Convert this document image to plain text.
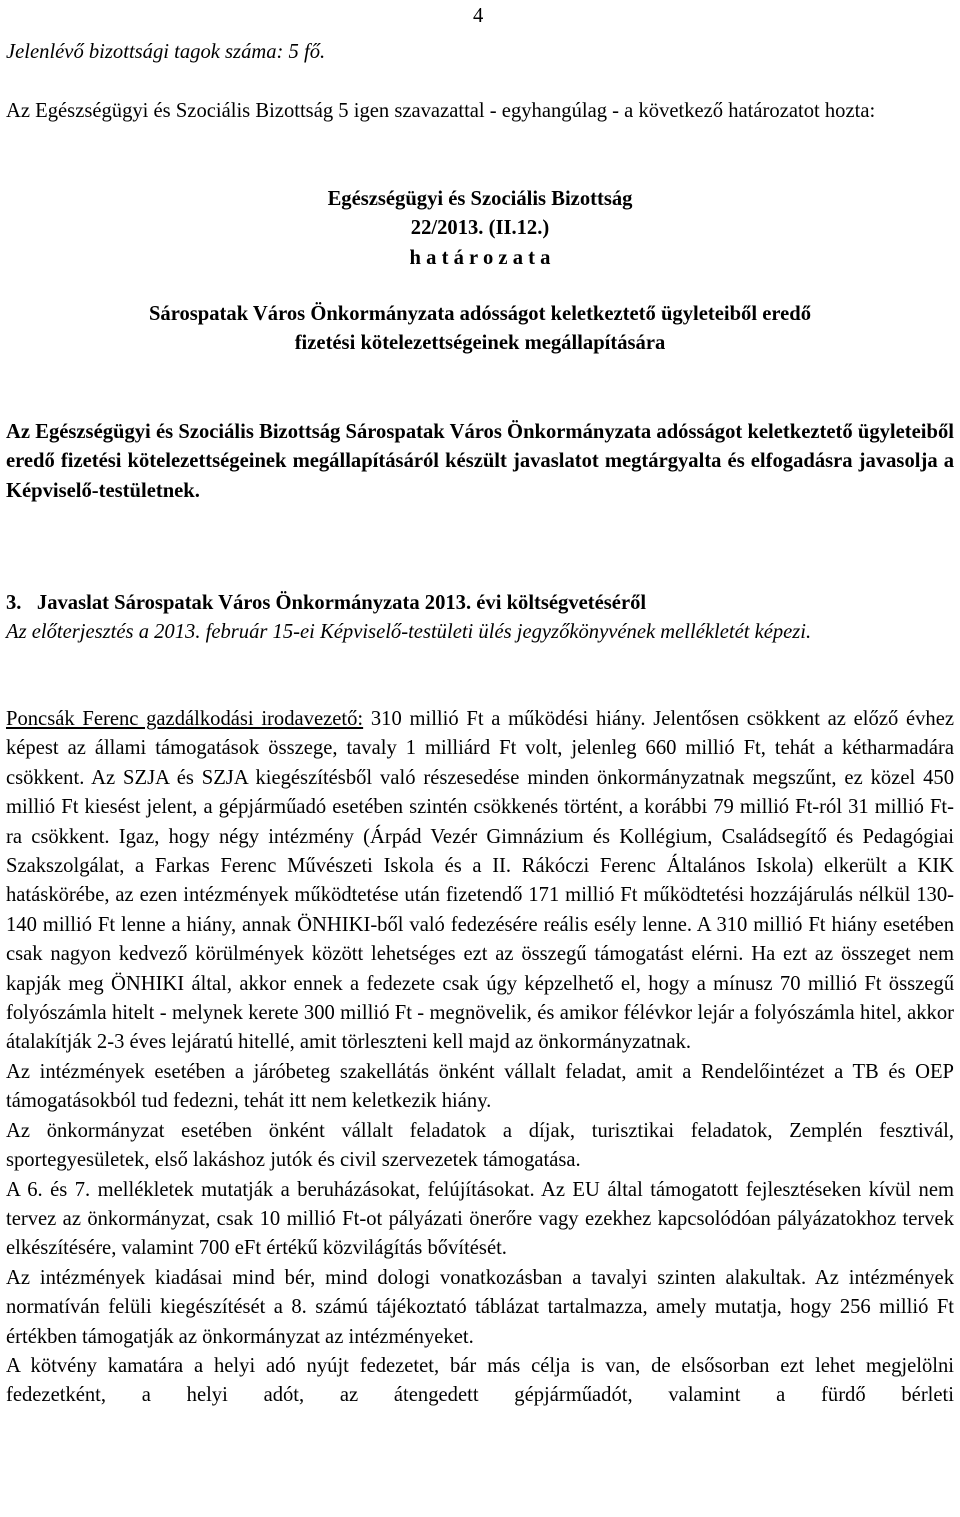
4
Jelenlévő bizottsági tagok száma: 5 fő.
Az Egészségügyi és Szociális Bizottság 5 igen szavazattal - egyhangúlag - a következő határozatot hozta:
Egészségügyi és Szociális Bizottság
22/2013. (II.12.)
h a t á r o z a t a
Sárospatak Város Önkormányzata adósságot keletkeztető ügyleteiből eredő
fizetési kötelezettségeinek megállapítására
Az Egészségügyi és Szociális Bizottság Sárospatak Város Önkormányzata adósságot keletkeztető ügyleteiből eredő fizetési kötelezettségeinek megállapításáról készült javaslatot megtárgyalta és elfogadásra javasolja a Képviselő-testületnek.
3.   Javaslat Sárospatak Város Önkormányzata 2013. évi költségvetéséről
Az előterjesztés a 2013. február 15-ei Képviselő-testületi ülés jegyzőkönyvének mellékletét képezi.

Poncsák Ferenc gazdálkodási irodavezető: 310 millió Ft a működési hiány. Jelentősen csökkent az előző évhez képest az állami támogatások összege, tavaly 1 milliárd Ft volt, jelenleg 660 millió Ft, tehát a kétharmadára csökkent. Az SZJA és SZJA kiegészítésből való részesedése minden önkormányzatnak megszűnt, ez közel 450 millió Ft kiesést jelent, a gépjárműadó esetében szintén csökkenés történt, a korábbi 79 millió Ft-ról 31 millió Ft-ra csökkent. Igaz, hogy négy intézmény (Árpád Vezér Gimnázium és Kollégium, Családsegítő és Pedagógiai Szakszolgálat, a Farkas Ferenc Művészeti Iskola és a II. Rákóczi Ferenc Általános Iskola) elkerült a KIK hatáskörébe, az ezen intézmények működtetése után fizetendő 171 millió Ft működtetési hozzájárulás nélkül 130-140 millió Ft lenne a hiány, annak ÖNHIKI-ből való fedezésére reális esély lenne. A 310 millió Ft hiány esetében csak nagyon kedvező körülmények között lehetséges ezt az összegű támogatást elérni. Ha ezt az összeget nem kapják meg ÖNHIKI által, akkor ennek a fedezete csak úgy képzelhető el, hogy a mínusz 70 millió Ft összegű folyószámla hitelt - melynek kerete 300 millió Ft - megnövelik, és amikor félévkor lejár a folyószámla hitel, akkor átalakítják 2-3 éves lejáratú hitellé, amit törleszteni kell majd az önkormányzatnak.

Az intézmények esetében a járóbeteg szakellátás önként vállalt feladat, amit a Rendelőintézet a TB és OEP támogatásokból tud fedezni, tehát itt nem keletkezik hiány.

Az önkormányzat esetében önként vállalt feladatok a díjak, turisztikai feladatok, Zemplén fesztivál, sportegyesületek, első lakáshoz jutók és civil szervezetek támogatása.

A 6. és 7. mellékletek mutatják a beruházásokat, felújításokat. Az EU által támogatott fejlesztéseken kívül nem tervez az önkormányzat, csak 10 millió Ft-ot pályázati önerőre vagy ezekhez kapcsolódóan pályázatokhoz tervek elkészítésére, valamint 700 eFt értékű közvilágítás bővítését.

Az intézmények kiadásai mind bér, mind dologi vonatkozásban a tavalyi szinten alakultak. Az intézmények normatíván felüli kiegészítését a 8. számú tájékoztató táblázat tartalmazza, amely mutatja, hogy 256 millió Ft értékben támogatják az önkormányzat az intézményeket.

A kötvény kamatára a helyi adó nyújt fedezetet, bár más célja is van, de elsősorban ezt lehet megjelölni fedezetként, a helyi adót, az átengedett gépjárműadót, valamint a fürdő bérleti
